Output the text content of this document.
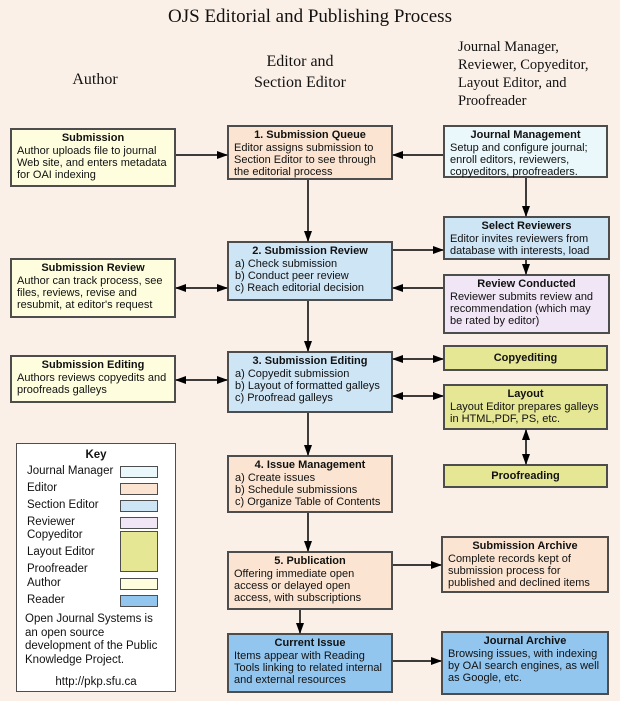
OJS Editorial and Publishing Process
Author
Editor and
Section Editor
Journal Manager,
Reviewer, Copyeditor,
Layout Editor, and
Proofreader
Submission
Author uploads file to journal Web site, and enters metadata for OAI indexing
1. Submission Queue
Editor assigns submission to Section Editor to see through the editorial process
Journal Management
Setup and configure journal; enroll editors, reviewers, copyeditors, proofreaders.
Select Reviewers
Editor invites reviewers from database with interests, load
Submission Review
Author can track process, see files, reviews, revise and resubmit, at editor's request
2. Submission Review
a) Check submission
b) Conduct peer review
c) Reach editorial decision	Review Conducted
Reviewer submits review and recommendation (which may be rated by editor)
Submission Editing
Authors reviews copyedits and proofreads galleys
3. Submission Editing
a) Copyedit submission
b) Layout of formatted galleys
c) Proofread galleys
Copyediting
Layout
Layout Editor prepares galleys in HTML,PDF, PS, etc.
Proofreading
4. Issue Management
a) Create issues
b) Schedule submissions
c) Organize Table of Contents
5. Publication
Offering immediate open access or delayed open access, with subscriptions
Submission Archive
Complete records kept of submission process for published and declined items
Current Issue
Items appear with Reading Tools linking to related internal and external resources
Journal Archive
Browsing issues, with indexing by OAI search engines, as well as Google, etc.
Key
Journal Manager
Editor
Section Editor
Reviewer
Copyeditor
Layout Editor
Proofreader
Author
Reader
Open Journal Systems is an open source development of the Public Knowledge Project.
http://pkp.sfu.ca
